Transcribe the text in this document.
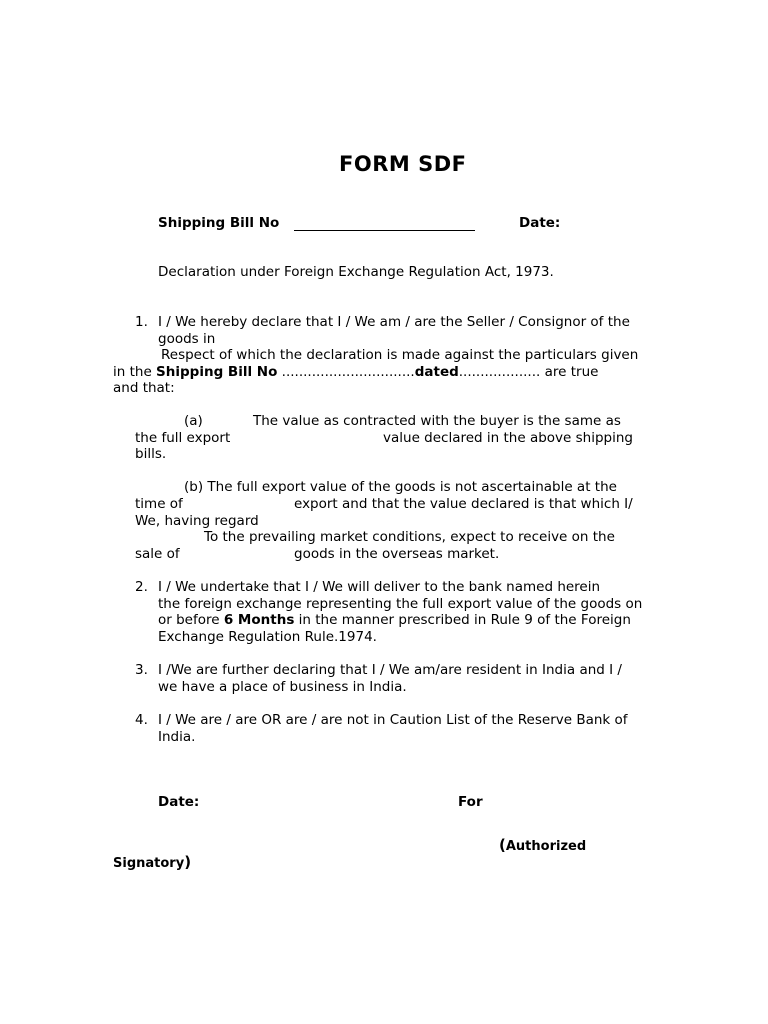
FORM SDF
Shipping Bill No	Date:
Declaration under Foreign Exchange Regulation Act, 1973.
1. I / We hereby declare that I / We am / are the Seller / Consignor of the
goods in
Respect of which the declaration is made against the particulars given
in the Shipping Bill No ...............................dated................... are true
and that:
(a)	The value as contracted with the buyer is the same as
the full export	value declared in the above shipping
bills.
(b) The full export value of the goods is not ascertainable at the
time of	export and that the value declared is that which I/
We, having regard
To the prevailing market conditions, expect to receive on the
sale of	goods in the overseas market.
2. I / We undertake that I / We will deliver to the bank named herein
the foreign exchange representing the full export value of the goods on
or before 6 Months in the manner prescribed in Rule 9 of the Foreign
Exchange Regulation Rule.1974.
3. I /We are further declaring that I / We am/are resident in India and I /
we have a place of business in India.
4. I / We are / are OR are / are not in Caution List of the Reserve Bank of
India.
Date:	For
(Authorized
Signatory)
